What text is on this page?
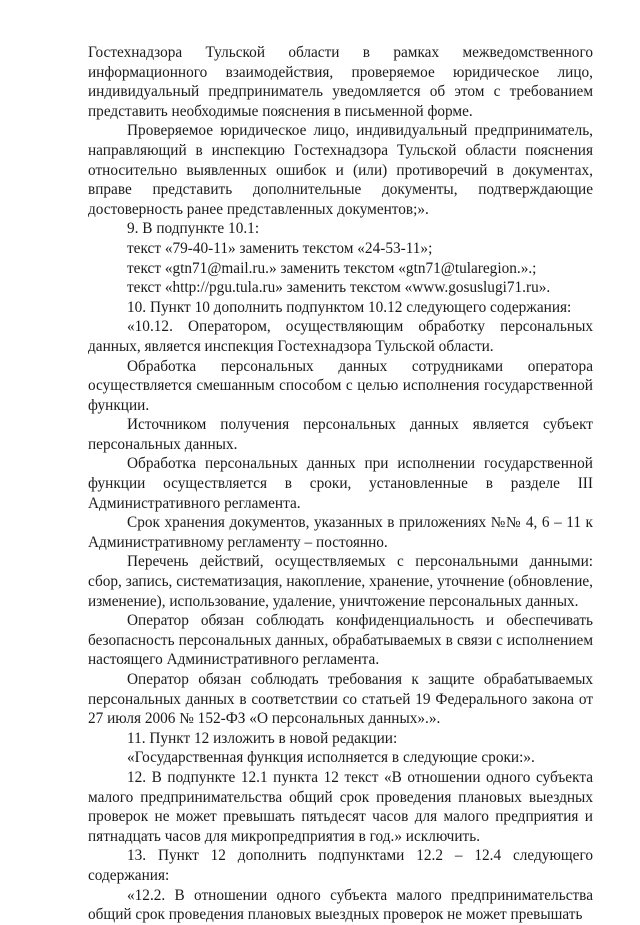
Гостехнадзора Тульской области в рамках межведомственного информационного взаимодействия, проверяемое юридическое лицо, индивидуальный предприниматель уведомляется об этом с требованием представить необходимые пояснения в письменной форме.

Проверяемое юридическое лицо, индивидуальный предприниматель, направляющий в инспекцию Гостехнадзора Тульской области пояснения относительно выявленных ошибок и (или) противоречий в документах, вправе представить дополнительные документы, подтверждающие достоверность ранее представленных документов;».

9. В подпункте 10.1:

текст «79-40-11» заменить текстом «24-53-11»;

текст «gtn71@mail.ru.» заменить текстом «gtn71@tularegion.».;

текст «http://pgu.tula.ru» заменить текстом «www.gosuslugi71.ru».

10. Пункт 10 дополнить подпунктом 10.12 следующего содержания:

«10.12. Оператором, осуществляющим обработку персональных данных, является инспекция Гостехнадзора Тульской области.

Обработка персональных данных сотрудниками оператора осуществляется смешанным способом с целью исполнения государственной функции.

Источником получения персональных данных является субъект персональных данных.

Обработка персональных данных при исполнении государственной функции осуществляется в сроки, установленные в разделе III Административного регламента.

Срок хранения документов, указанных в приложениях №№ 4, 6 – 11 к Административному регламенту – постоянно.

Перечень действий, осуществляемых с персональными данными: сбор, запись, систематизация, накопление, хранение, уточнение (обновление, изменение), использование, удаление, уничтожение персональных данных.

Оператор обязан соблюдать конфиденциальность и обеспечивать безопасность персональных данных, обрабатываемых в связи с исполнением настоящего Административного регламента.

Оператор обязан соблюдать требования к защите обрабатываемых персональных данных в соответствии со статьей 19 Федерального закона от 27 июля 2006 № 152-ФЗ «О персональных данных».».

11. Пункт 12 изложить в новой редакции:

«Государственная функция исполняется в следующие сроки:».

12. В подпункте 12.1 пункта 12 текст «В отношении одного субъекта малого предпринимательства общий срок проведения плановых выездных проверок не может превышать пятьдесят часов для малого предприятия и пятнадцать часов для микропредприятия в год.» исключить.

13. Пункт 12 дополнить подпунктами 12.2 – 12.4 следующего содержания:

«12.2. В отношении одного субъекта малого предпринимательства общий срок проведения плановых выездных проверок не может превышать
